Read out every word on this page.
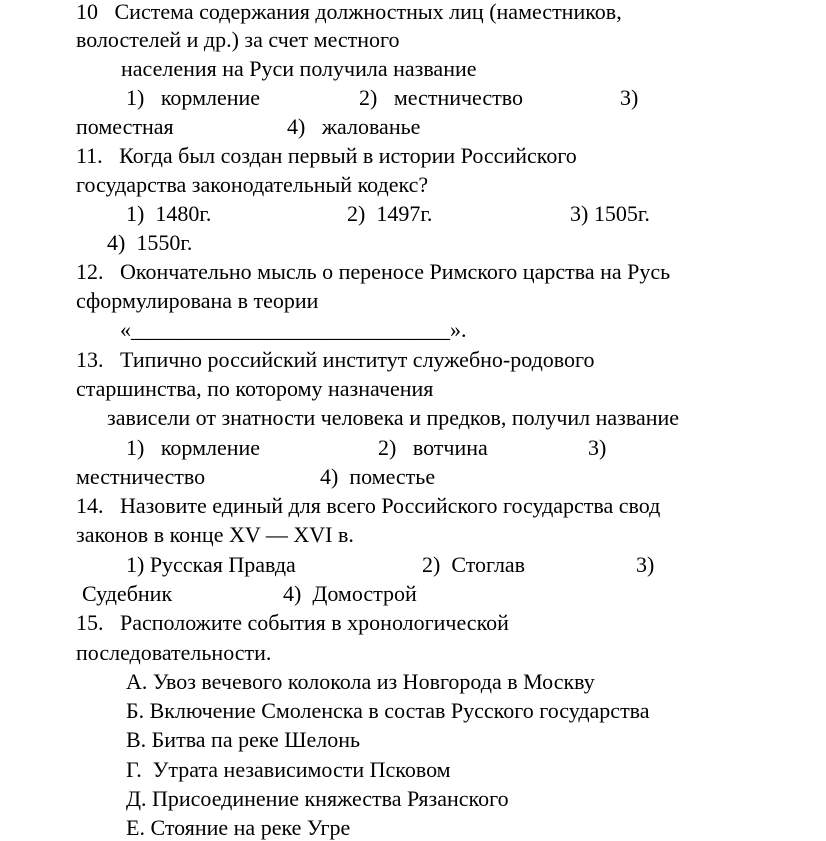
10   Система содержания должностных лиц (наместников,

волостелей и др.) за счет местного

населения на Руси получила название

1)   кормление	2)   местничество	3)

поместная	4)   жалованье

11.   Когда был создан первый в истории Российского

государства законодательный кодекс?

1)  1480г.	2)  1497г.	3) 1505г.

4)  1550г.

12.   Окончательно мысль о переносе Римского царства на Русь

сформулирована в теории

«_____________________________».

13.   Типично российский институт служебно-родового

старшинства, по которому назначения

зависели от знатности человека и предков, получил название

1)   кормление	2)   вотчина	3)

местничество	4)  поместье

14.   Назовите единый для всего Российского государства свод

законов в конце XV — XVI в.

1) Русская Правда	2)  Стоглав	3)

Судебник	4)  Домострой

15.   Расположите события в хронологической

последовательности.

А. Увоз вечевого колокола из Новгорода в Москву

Б. Включение Смоленска в состав Русского государства

В. Битва па реке Шелонь

Г.  Утрата независимости Псковом

Д. Присоединение княжества Рязанского

Е. Стояние на реке Угре
